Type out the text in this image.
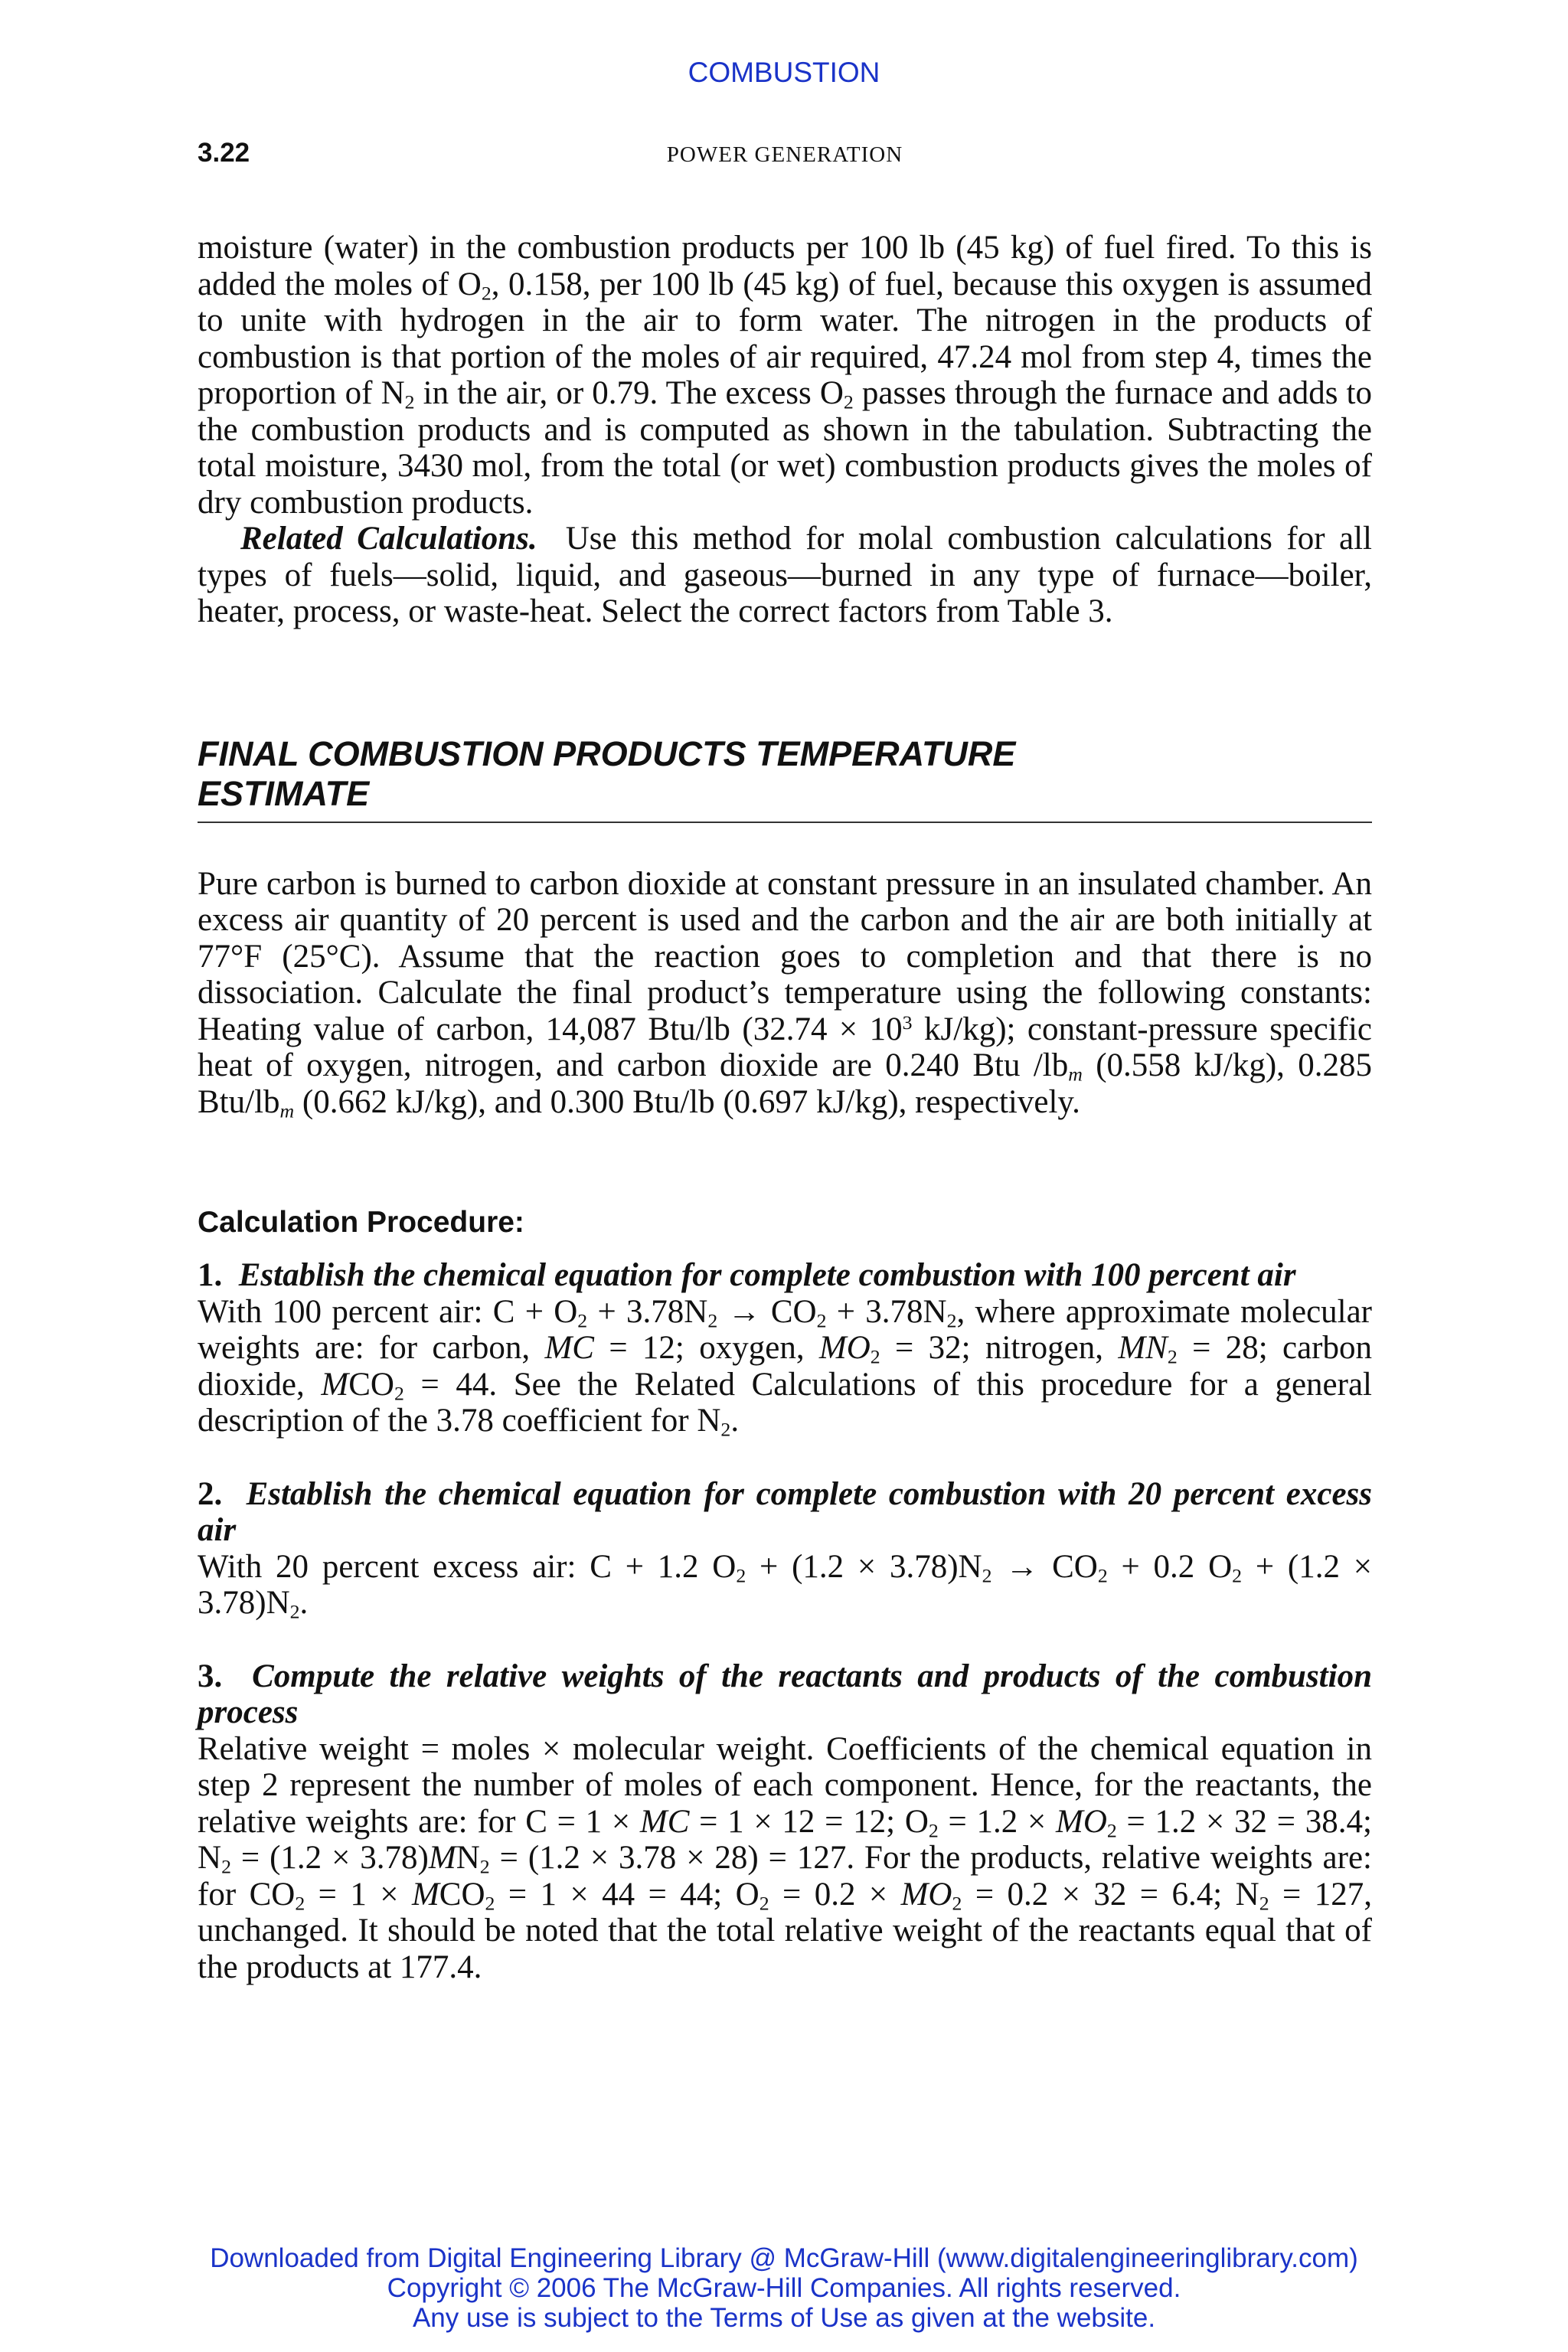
COMBUSTION
3.22	POWER GENERATION

moisture (water) in the combustion products per 100 lb (45 kg) of fuel fired. To this is added the moles of $O_2$, 0.158, per 100 lb (45 kg) of fuel, because this oxygen is assumed to unite with hydrogen in the air to form water. The nitrogen in the products of combustion is that portion of the moles of air required, 47.24 mol from step 4, times the proportion of $N_2$ in the air, or 0.79. The excess $O_2$ passes through the furnace and adds to the combustion products and is computed as shown in the tabulation. Subtracting the total moisture, 3430 mol, from the total (or wet) combustion products gives the moles of dry combustion products.

Related Calculations. Use this method for molal combustion calculations for all types of fuels—solid, liquid, and gaseous—burned in any type of furnace—boiler, heater, process, or waste-heat. Select the correct factors from Table 3.

FINAL COMBUSTION PRODUCTS TEMPERATURE
ESTIMATE

Pure carbon is burned to carbon dioxide at constant pressure in an insulated chamber. An excess air quantity of 20 percent is used and the carbon and the air are both initially at 77°F (25°C). Assume that the reaction goes to completion and that there is no dissociation. Calculate the final product’s temperature using the following constants: Heating value of carbon, 14,087 Btu/lb ($32.74 \times 10^3$ kJ/kg); constant-pressure specific heat of oxygen, nitrogen, and carbon dioxide are 0.240 Btu $/lb_m$ (0.558 kJ/kg), 0.285 Btu/$lb_m$ (0.662 kJ/kg), and 0.300 Btu/lb (0.697 kJ/kg), respectively.

Calculation Procedure:

1. Establish the chemical equation for complete combustion with 100 percent air

With 100 percent air: $C + O_2 + 3.78N_2 \to CO_2 + 3.78N_2$, where approximate molecular weights are: for carbon, MC = 12; oxygen, $MO_2 = 32$; nitrogen, $MN_2 = 28$; carbon dioxide, $MCO_2 = 44$. See the Related Calculations of this procedure for a general description of the 3.78 coefficient for $N_2$.

2. Establish the chemical equation for complete combustion with 20 percent excess air

With 20 percent excess air: C + 1.2 $O_2 + (1.2 \times 3.78)N_2 \to CO_2 + 0.2$ $O_2 + (1.2 \times 3.78)N_2$.

3. Compute the relative weights of the reactants and products of the combustion process

Relative weight = moles × molecular weight. Coefficients of the chemical equation in step 2 represent the number of moles of each component. Hence, for the reactants, the relative weights are: for C = 1 × MC = 1 × 12 = 12; $O_2 = 1.2 \times MO_2 = 1.2 \times 32 = 38.4$; $N_2 = (1.2 \times 3.78)MN_2 = (1.2 \times 3.78 \times 28) = 127$. For the products, relative weights are: for $CO_2 = 1 \times MCO_2 = 1 \times 44 = 44$; $O_2 = 0.2 \times MO_2 = 0.2 \times 32 = 6.4$; $N_2 = 127$, unchanged. It should be noted that the total relative weight of the reactants equal that of the products at 177.4.

Downloaded from Digital Engineering Library @ McGraw-Hill (www.digitalengineeringlibrary.com)
Copyright © 2006 The McGraw-Hill Companies. All rights reserved.
Any use is subject to the Terms of Use as given at the website.
